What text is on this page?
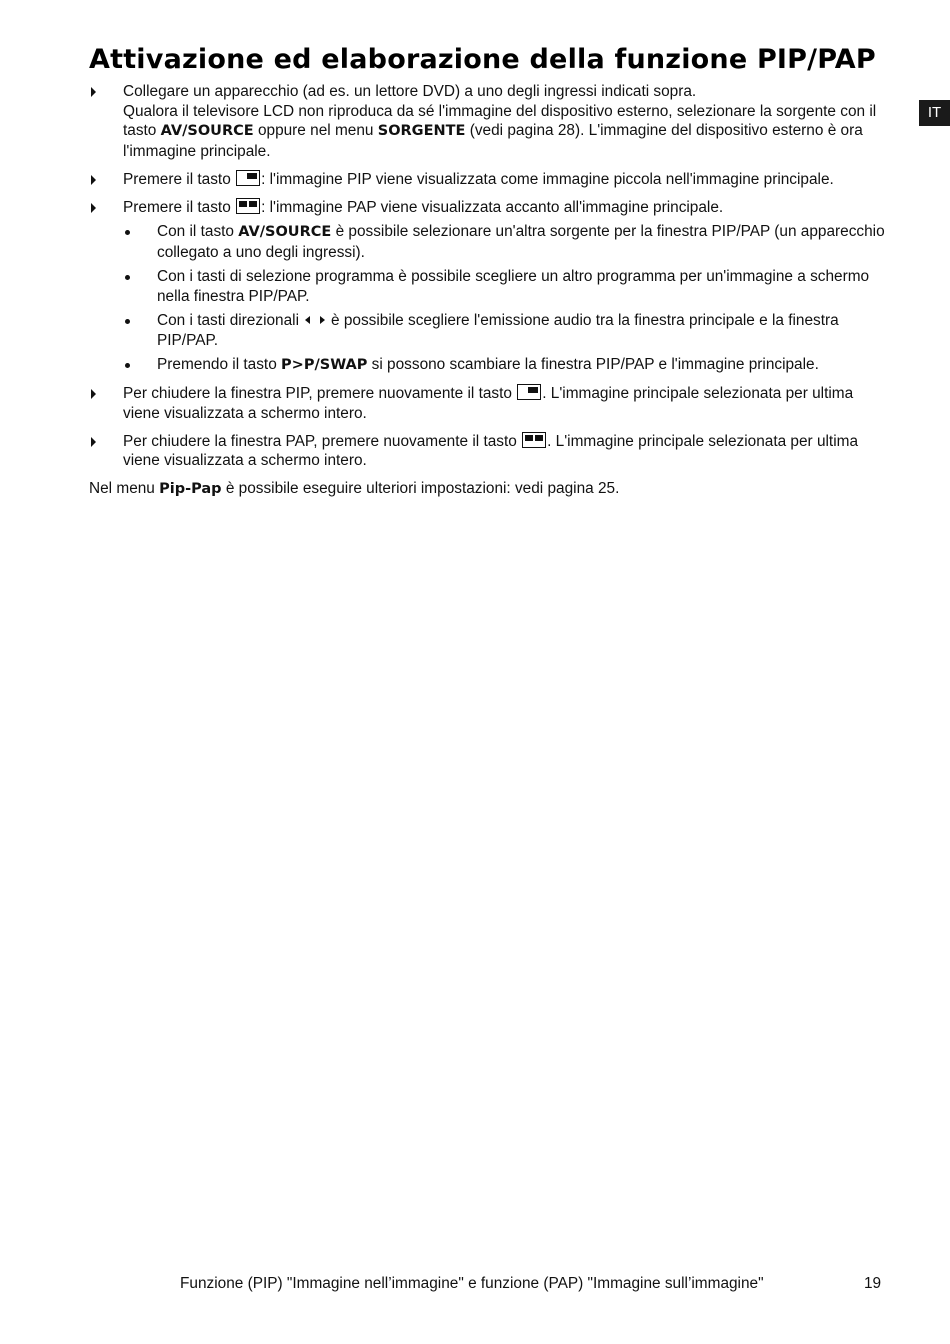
Attivazione ed elaborazione della funzione PIP/PAP
IT
Collegare un apparecchio (ad es. un lettore DVD) a uno degli ingressi indicati sopra.
Qualora il televisore LCD non riproduca da sé l'immagine del dispositivo esterno, selezionare la sorgente con il tasto AV/SOURCE oppure nel menu SORGENTE (vedi pagina 28). L'immagine del dispositivo esterno è ora l'immagine principale.
Premere il tasto : l'immagine PIP viene visualizzata come immagine piccola nell'immagine principale.
Premere il tasto : l'immagine PAP viene visualizzata accanto all'immagine principale.
Con il tasto AV/SOURCE è possibile selezionare un'altra sorgente per la finestra PIP/PAP (un apparecchio collegato a uno degli ingressi).
Con i tasti di selezione programma è possibile scegliere un altro programma per un'immagine a schermo nella finestra PIP/PAP.
Con i tasti direzionali è possibile scegliere l'emissione audio tra la finestra principale e la finestra PIP/PAP.
Premendo il tasto P>P/SWAP si possono scambiare la finestra PIP/PAP e l'immagine principale.
Per chiudere la finestra PIP, premere nuovamente il tasto . L'immagine principale selezionata per ultima viene visualizzata a schermo intero.
Per chiudere la finestra PAP, premere nuovamente il tasto . L'immagine principale selezionata per ultima viene visualizzata a schermo intero.
Nel menu Pip-Pap è possibile eseguire ulteriori impostazioni: vedi pagina 25.
Funzione (PIP) "Immagine nell’immagine" e funzione (PAP) "Immagine sull’immagine"	19
